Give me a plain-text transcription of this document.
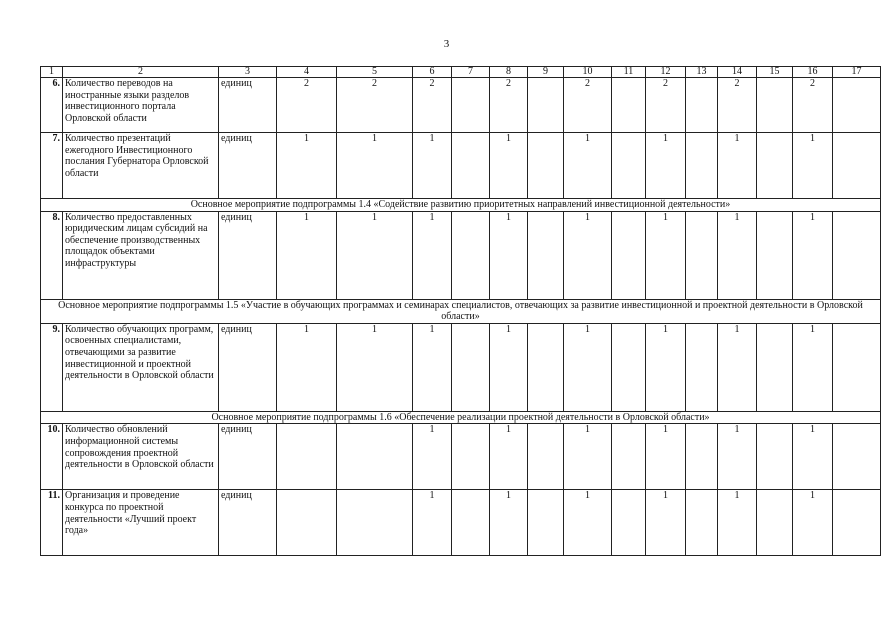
3
1	2	3	4	5	6	7	8	9	10	11	12	13	14	15	16	17
6.	Количество переводов на иностранные языки разделов инвестиционного портала Орловской области	единиц	2	2	2		2		2		2		2		2	
7.	Количество презентаций ежегодного Инвестиционного послания Губернатора Орловской области	единиц	1	1	1		1		1		1		1		1	
Основное мероприятие подпрограммы 1.4 «Содействие развитию приоритетных направлений инвестиционной деятельности»																
8.	Количество предоставленных юридическим лицам субсидий на обеспечение производственных площадок объектами инфраструктуры	единиц	1	1	1		1		1		1		1		1	
Основное мероприятие подпрограммы 1.5 «Участие в обучающих программах и семинарах специалистов, отвечающих за развитие инвестиционной и проектной деятельности в Орловской области»																
9.	Количество обучающих программ, освоенных специалистами, отвечающими за развитие инвестиционной и проектной деятельности в Орловской области	единиц	1	1	1		1		1		1		1		1	
Основное мероприятие подпрограммы 1.6 «Обеспечение реализации проектной деятельности в Орловской области»																
10.	Количество обновлений информационной системы сопровождения проектной деятельности в Орловской области	единиц			1		1		1		1		1		1	
11.	Организация и проведение конкурса по проектной деятельности «Лучший проект года»	единиц			1		1		1		1		1		1	
